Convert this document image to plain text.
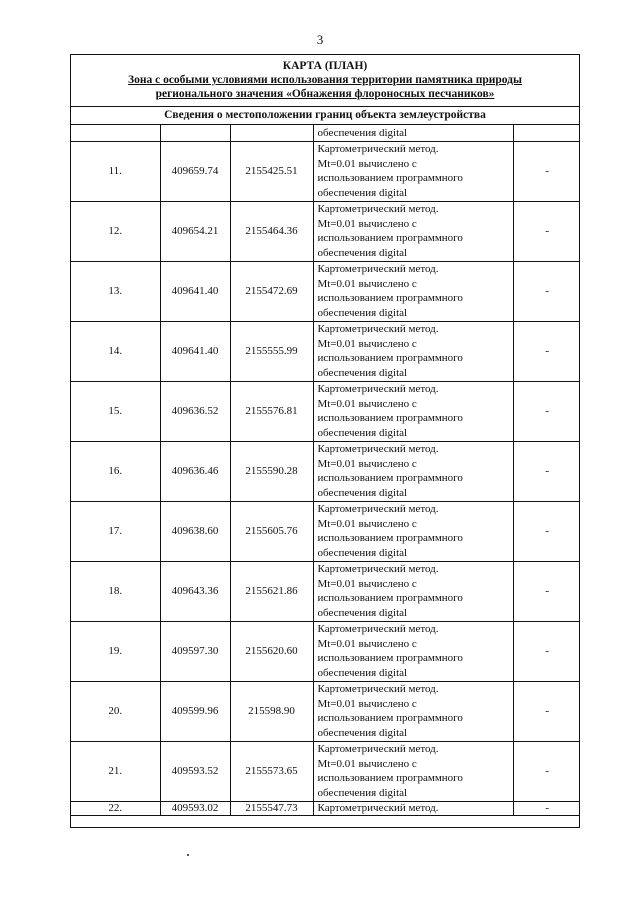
3
КАРТА (ПЛАН)
Зона с особыми условиями использования территории памятника природы
регионального значения «Обнажения флороносных песчаников»
Сведения о местоположении границ объекта землеустройства
			обеспечения digital	
11.	409659.74	2155425.51	Картометрический метод.
Mt=0.01 вычислено с
использованием программного
обеспечения digital	-
12.	409654.21	2155464.36	Картометрический метод.
Mt=0.01 вычислено с
использованием программного
обеспечения digital	-
13.	409641.40	2155472.69	Картометрический метод.
Mt=0.01 вычислено с
использованием программного
обеспечения digital	-
14.	409641.40	2155555.99	Картометрический метод.
Mt=0.01 вычислено с
использованием программного
обеспечения digital	-
15.	409636.52	2155576.81	Картометрический метод.
Mt=0.01 вычислено с
использованием программного
обеспечения digital	-
16.	409636.46	2155590.28	Картометрический метод.
Mt=0.01 вычислено с
использованием программного
обеспечения digital	-
17.	409638.60	2155605.76	Картометрический метод.
Mt=0.01 вычислено с
использованием программного
обеспечения digital	-
18.	409643.36	2155621.86	Картометрический метод.
Mt=0.01 вычислено с
использованием программного
обеспечения digital	-
19.	409597.30	2155620.60	Картометрический метод.
Mt=0.01 вычислено с
использованием программного
обеспечения digital	-
20.	409599.96	215598.90	Картометрический метод.
Mt=0.01 вычислено с
использованием программного
обеспечения digital	-
21.	409593.52	2155573.65	Картометрический метод.
Mt=0.01 вычислено с
использованием программного
обеспечения digital	-
22.	409593.02	2155547.73	Картометрический метод.	-
